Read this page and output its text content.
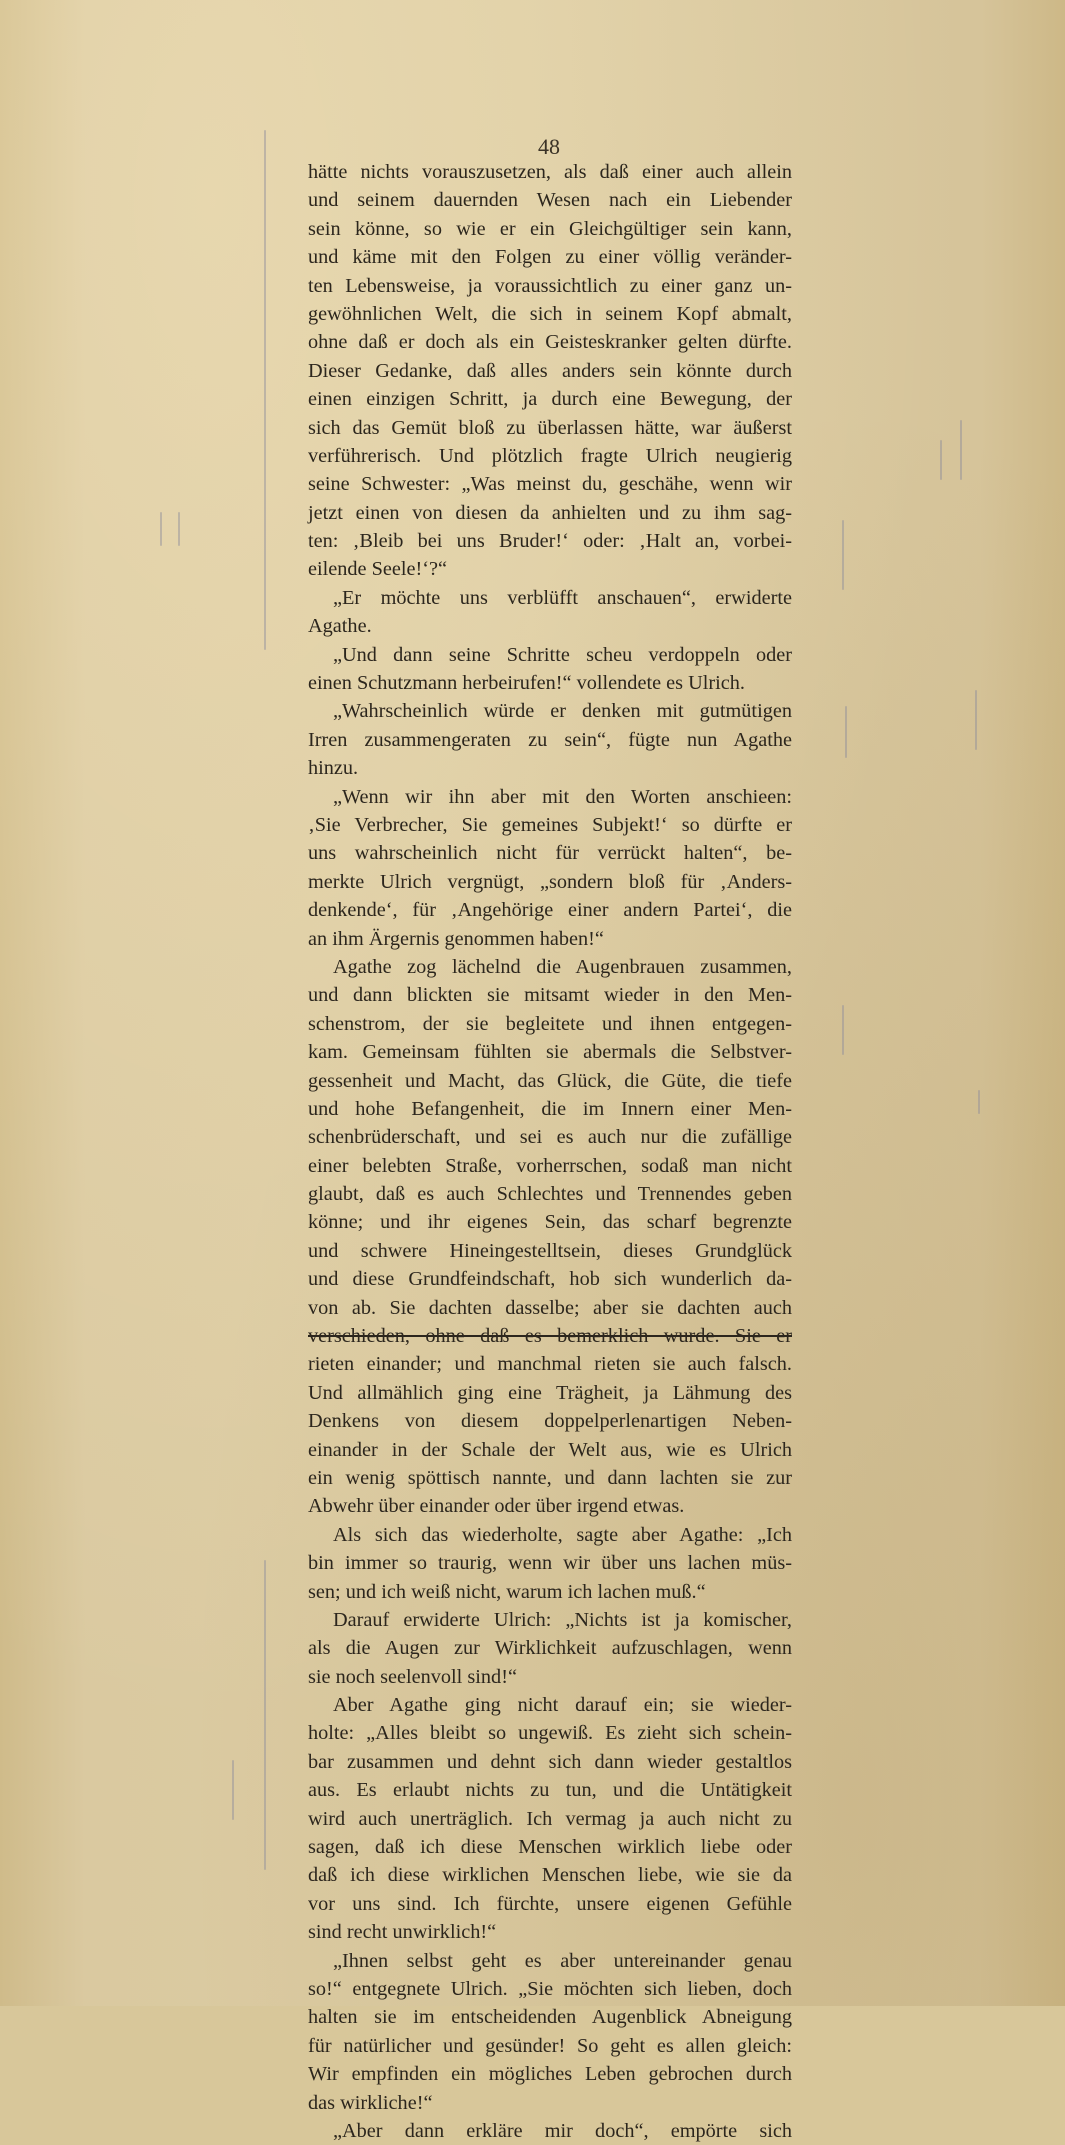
48
hätte nichts vorauszusetzen, als daß einer auch allein
und seinem dauernden Wesen nach ein Liebender
sein könne, so wie er ein Gleichgültiger sein kann,
und käme mit den Folgen zu einer völlig veränder-
ten Lebensweise, ja voraussichtlich zu einer ganz un-
gewöhnlichen Welt, die sich in seinem Kopf abmalt,
ohne daß er doch als ein Geisteskranker gelten dürfte.
Dieser Gedanke, daß alles anders sein könnte durch
einen einzigen Schritt, ja durch eine Bewegung, der
sich das Gemüt bloß zu überlassen hätte, war äußerst
verführerisch. Und plötzlich fragte Ulrich neugierig
seine Schwester: „Was meinst du, geschähe, wenn wir
jetzt einen von diesen da anhielten und zu ihm sag-
ten: ‚Bleib bei uns Bruder!‘ oder: ‚Halt an, vorbei-
eilende Seele!‘?“
„Er möchte uns verblüfft anschauen“, erwiderte
Agathe.
„Und dann seine Schritte scheu verdoppeln oder
einen Schutzmann herbeirufen!“ vollendete es Ulrich.
„Wahrscheinlich würde er denken mit gutmütigen
Irren zusammengeraten zu sein“, fügte nun Agathe
hinzu.
„Wenn wir ihn aber mit den Worten anschieen:
‚Sie Verbrecher, Sie gemeines Subjekt!‘ so dürfte er
uns wahrscheinlich nicht für verrückt halten“, be-
merkte Ulrich vergnügt, „sondern bloß für ‚Anders-
denkende‘, für ‚Angehörige einer andern Partei‘, die
an ihm Ärgernis genommen haben!“
Agathe zog lächelnd die Augenbrauen zusammen,
und dann blickten sie mitsamt wieder in den Men-
schenstrom, der sie begleitete und ihnen entgegen-
kam. Gemeinsam fühlten sie abermals die Selbstver-
gessenheit und Macht, das Glück, die Güte, die tiefe
und hohe Befangenheit, die im Innern einer Men-
schenbrüderschaft, und sei es auch nur die zufällige
einer belebten Straße, vorherrschen, sodaß man nicht
glaubt, daß es auch Schlechtes und Trennendes geben
könne; und ihr eigenes Sein, das scharf begrenzte
und schwere Hineingestelltsein, dieses Grundglück
und diese Grundfeindschaft, hob sich wunderlich da-
von ab. Sie dachten dasselbe; aber sie dachten auch
verschieden, ohne daß es bemerklich wurde. Sie er
rieten einander; und manchmal rieten sie auch falsch.
Und allmählich ging eine Trägheit, ja Lähmung des
Denkens von diesem doppelperlenartigen Neben-
einander in der Schale der Welt aus, wie es Ulrich
ein wenig spöttisch nannte, und dann lachten sie zur
Abwehr über einander oder über irgend etwas.
Als sich das wiederholte, sagte aber Agathe: „Ich
bin immer so traurig, wenn wir über uns lachen müs-
sen; und ich weiß nicht, warum ich lachen muß.“
Darauf erwiderte Ulrich: „Nichts ist ja komischer,
als die Augen zur Wirklichkeit aufzuschlagen, wenn
sie noch seelenvoll sind!“
Aber Agathe ging nicht darauf ein; sie wieder-
holte: „Alles bleibt so ungewiß. Es zieht sich schein-
bar zusammen und dehnt sich dann wieder gestaltlos
aus. Es erlaubt nichts zu tun, und die Untätigkeit
wird auch unerträglich. Ich vermag ja auch nicht zu
sagen, daß ich diese Menschen wirklich liebe oder
daß ich diese wirklichen Menschen liebe, wie sie da
vor uns sind. Ich fürchte, unsere eigenen Gefühle
sind recht unwirklich!“
„Ihnen selbst geht es aber untereinander genau
so!“ entgegnete Ulrich. „Sie möchten sich lieben, doch
halten sie im entscheidenden Augenblick Abneigung
für natürlicher und gesünder! So geht es allen gleich:
Wir empfinden ein mögliches Leben gebrochen durch
das wirkliche!“
„Aber dann erkläre mir doch“, empörte sich
